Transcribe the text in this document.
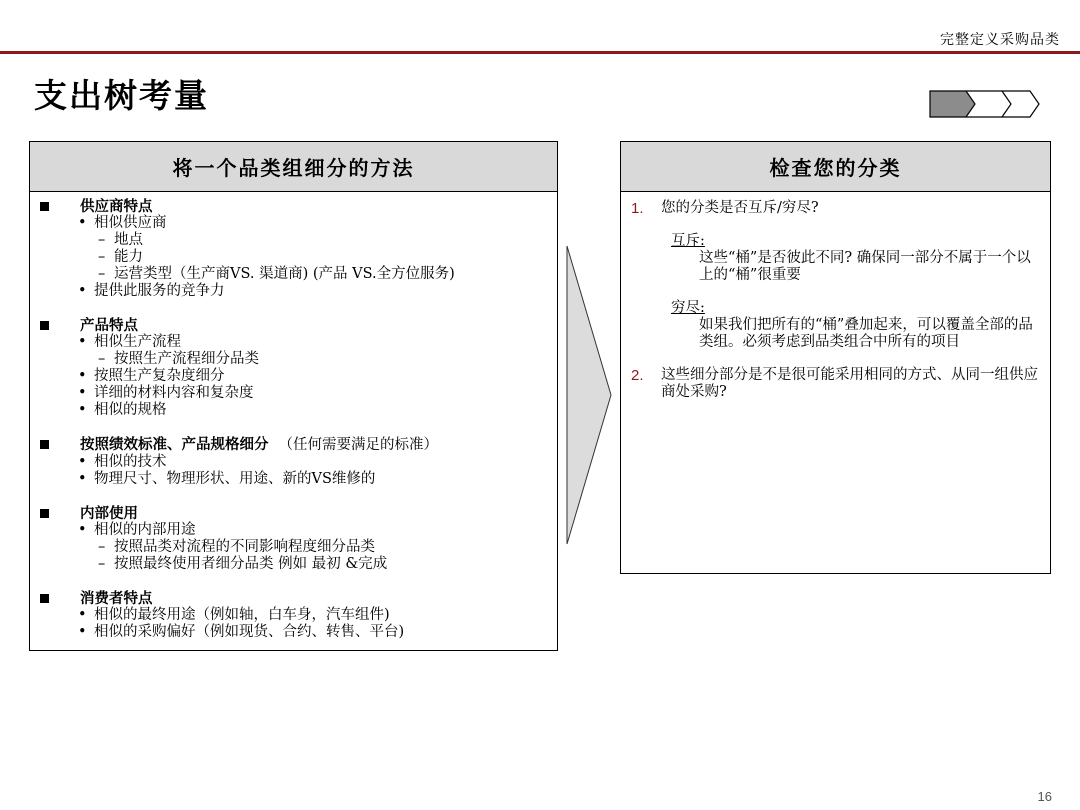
完整定义采购品类
支出树考量
将一个品类组细分的方法
供应商特点
• 相似供应商
– 地点
– 能力
– 运营类型（生产商VS. 渠道商) (产品 VS.全方位服务)
• 提供此服务的竞争力
产品特点
• 相似生产流程
– 按照生产流程细分品类
• 按照生产复杂度细分
• 详细的材料内容和复杂度
• 相似的规格
按照绩效标准、产品规格细分 （任何需要满足的标准）
• 相似的技术
• 物理尺寸、物理形状、用途、新的VS维修的
内部使用
• 相似的内部用途
– 按照品类对流程的不同影响程度细分品类
– 按照最终使用者细分品类 例如 最初 &完成
消费者特点
• 相似的最终用途（例如轴，白车身，汽车组件)
• 相似的采购偏好（例如现货、合约、转售、平台)
检查您的分类
1. 您的分类是否互斥/穷尽?
互斥:
这些“桶”是否彼此不同? 确保同一部分不属于一个以上的“桶”很重要
穷尽:
如果我们把所有的“桶”叠加起来，可以覆盖全部的品类组。必须考虑到品类组合中所有的项目
2. 这些细分部分是不是很可能采用相同的方式、从同一组供应商处采购?
16
